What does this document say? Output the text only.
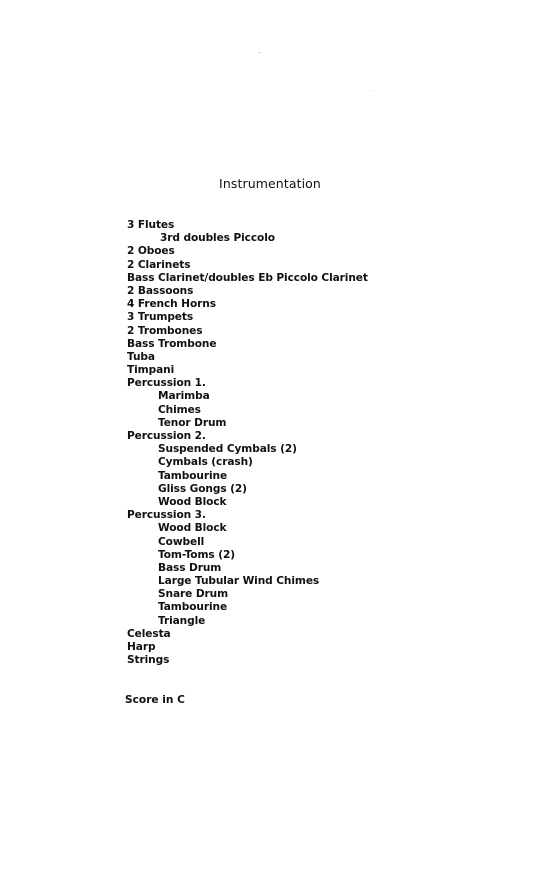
Instrumentation
3 Flutes
3rd doubles Piccolo
2 Oboes
2 Clarinets
Bass Clarinet/doubles Eb Piccolo Clarinet
2 Bassoons
4 French Horns
3 Trumpets
2 Trombones
Bass Trombone
Tuba
Timpani
Percussion 1.
Marimba
Chimes
Tenor Drum
Percussion 2.
Suspended Cymbals (2)
Cymbals (crash)
Tambourine
Gliss Gongs (2)
Wood Block
Percussion 3.
Wood Block
Cowbell
Tom-Toms (2)
Bass Drum
Large Tubular Wind Chimes
Snare Drum
Tambourine
Triangle
Celesta
Harp
Strings
Score in C
